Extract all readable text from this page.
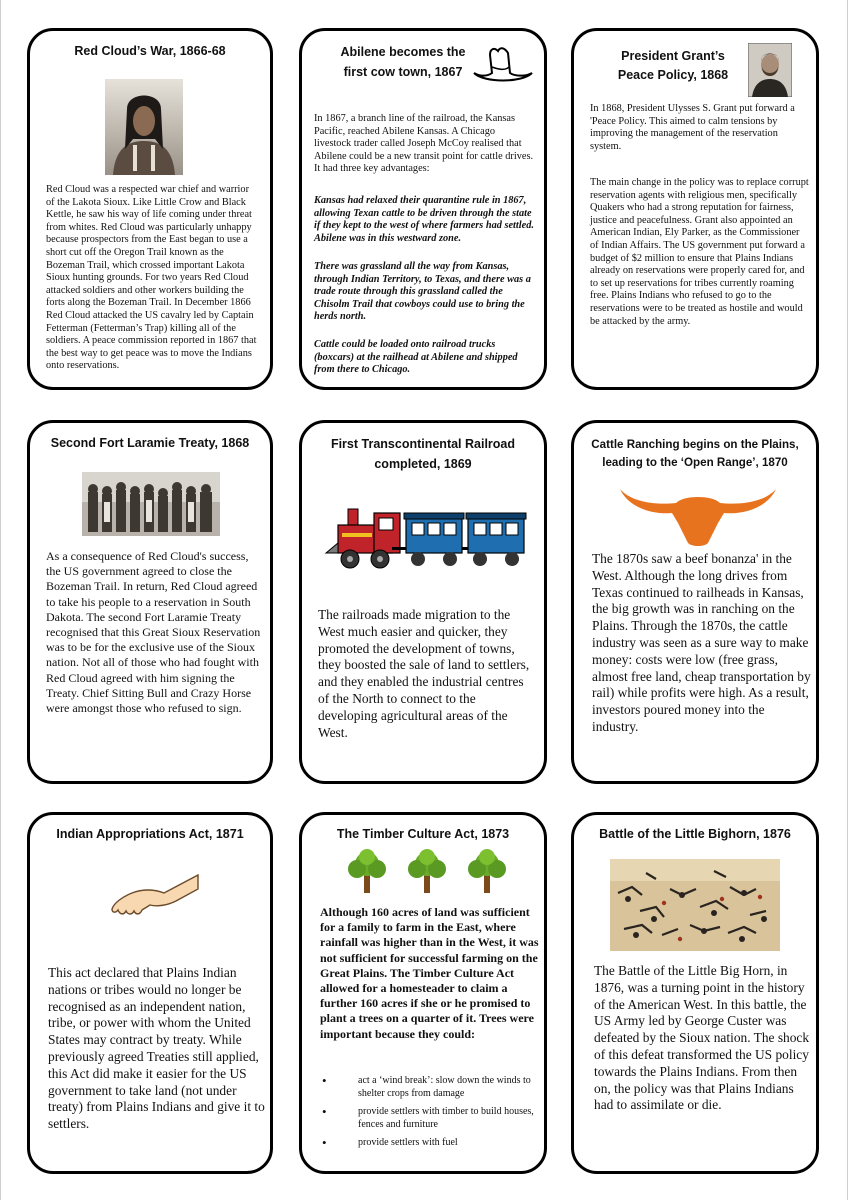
Red Cloud’s War, 1866-68

Red Cloud was a respected war chief and warrior of the Lakota Sioux. Like Little Crow and Black Kettle, he saw his way of life coming under threat from whites. Red Cloud was particularly unhappy because prospectors from the East began to use a short cut off the Oregon Trail known as the Bozeman Trail, which crossed important Lakota Sioux hunting grounds. For two years Red Cloud attacked soldiers and other workers building the forts along the Bozeman Trail. In December 1866 Red Cloud attacked the US cavalry led by Captain Fetterman (Fetterman’s Trap) killing all of the soldiers. A peace commission reported in 1867 that the best way to get peace was to move the Indians onto reservations.

Abilene becomes the
first cow town, 1867

In 1867, a branch line of the railroad, the Kansas Pacific, reached Abilene Kansas. A Chicago livestock trader called Joseph McCoy realised that Abilene could be a new transit point for cattle drives. It had three key advantages:

Kansas had relaxed their quarantine rule in 1867, allowing Texan cattle to be driven through the state if they kept to the west of where farmers had settled. Abilene was in this westward zone.

There was grassland all the way from Kansas, through Indian Territory, to Texas, and there was a trade route through this grassland called the Chisolm Trail that cowboys could use to bring the herds north.

Cattle could be loaded onto railroad trucks (boxcars) at the railhead at Abilene and shipped from there to Chicago.

President Grant’s
Peace Policy, 1868

In 1868, President Ulysses S. Grant put forward a 'Peace Policy. This aimed to calm tensions by improving the management of the reservation system.

The main change in the policy was to replace corrupt reservation agents with religious men, specifically Quakers who had a strong reputation for fairness, justice and peacefulness. Grant also appointed an American Indian, Ely Parker, as the Commissioner of Indian Affairs. The US government put forward a budget of $2 million to ensure that Plains Indians already on reservations were properly cared for, and to set up reservations for tribes currently roaming free. Plains Indians who refused to go to the reservations were to be treated as hostile and would be attacked by the army.

Second Fort Laramie Treaty, 1868

As a consequence of Red Cloud's success, the US government agreed to close the Bozeman Trail. In return, Red Cloud agreed to take his people to a reservation in South Dakota. The second Fort Laramie Treaty recognised that this Great Sioux Reservation was to be for the exclusive use of the Sioux nation. Not all of those who had fought with Red Cloud agreed with him signing the Treaty. Chief Sitting Bull and Crazy Horse were amongst those who refused to sign.

First Transcontinental Railroad
completed, 1869

The railroads made migration to the West much easier and quicker, they promoted the development of towns, they boosted the sale of land to settlers, and they enabled the industrial centres of the North to connect to the developing agricultural areas of the West.

Cattle Ranching begins on the Plains,
leading to the ‘Open Range’, 1870

The 1870s saw a beef bonanza' in the West. Although the long drives from Texas continued to railheads in Kansas, the big growth was in ranching on the Plains. Through the 1870s, the cattle industry was seen as a sure way to make money: costs were low (free grass, almost free land, cheap transportation by rail) while profits were high. As a result, investors poured money into the industry.

Indian Appropriations Act, 1871

This act declared that Plains Indian nations or tribes would no longer be recognised as an independent nation, tribe, or power with whom the United States may contract by treaty. While previously agreed Treaties still applied, this Act did make it easier for the US government to take land (not under treaty) from Plains Indians and give it to settlers.

The Timber Culture Act, 1873

Although 160 acres of land was sufficient for a family to farm in the East, where rainfall was higher than in the West, it was not sufficient for successful farming on the Great Plains. The Timber Culture Act allowed for a homesteader to claim a further 160 acres if she or he promised to plant a trees on a quarter of it. Trees were important because they could:

• act a ‘wind break’: slow down the winds to shelter crops from damage
• provide settlers with timber to build houses, fences and furniture
• provide settlers with fuel
Battle of the Little Bighorn, 1876

The Battle of the Little Big Horn, in 1876, was a turning point in the history of the American West. In this battle, the US Army led by George Custer was defeated by the Sioux nation. The shock of this defeat transformed the US policy towards the Plains Indians. From then on, the policy was that Plains Indians had to assimilate or die.
